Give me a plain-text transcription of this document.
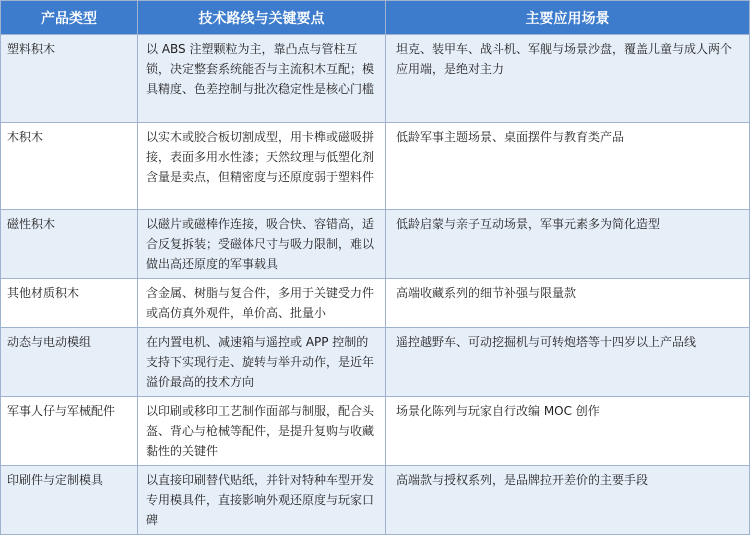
产品类型	技术路线与关键要点	主要应用场景
塑料积木	以 ABS 注塑颗粒为主，靠凸点与管柱互锁，决定整套系统能否与主流积木互配；模具精度、色差控制与批次稳定性是核心门槛	坦克、装甲车、战斗机、军舰与场景沙盘，覆盖儿童与成人两个应用端，是绝对主力
木积木	以实木或胶合板切割成型，用卡榫或磁吸拼接，表面多用水性漆；天然纹理与低塑化剂含量是卖点，但精密度与还原度弱于塑料件	低龄军事主题场景、桌面摆件与教育类产品
磁性积木	以磁片或磁棒作连接，吸合快、容错高，适合反复拆装；受磁体尺寸与吸力限制，难以做出高还原度的军事载具	低龄启蒙与亲子互动场景，军事元素多为简化造型
其他材质积木	含金属、树脂与复合件，多用于关键受力件或高仿真外观件，单价高、批量小	高端收藏系列的细节补强与限量款
动态与电动模组	在内置电机、减速箱与遥控或 APP 控制的支持下实现行走、旋转与举升动作，是近年溢价最高的技术方向	遥控越野车、可动挖掘机与可转炮塔等十四岁以上产品线
军事人仔与军械配件	以印刷或移印工艺制作面部与制服，配合头盔、背心与枪械等配件，是提升复购与收藏黏性的关键件	场景化陈列与玩家自行改编 MOC 创作
印刷件与定制模具	以直接印刷替代贴纸，并针对特种车型开发专用模具件，直接影响外观还原度与玩家口碑	高端款与授权系列，是品牌拉开差价的主要手段
